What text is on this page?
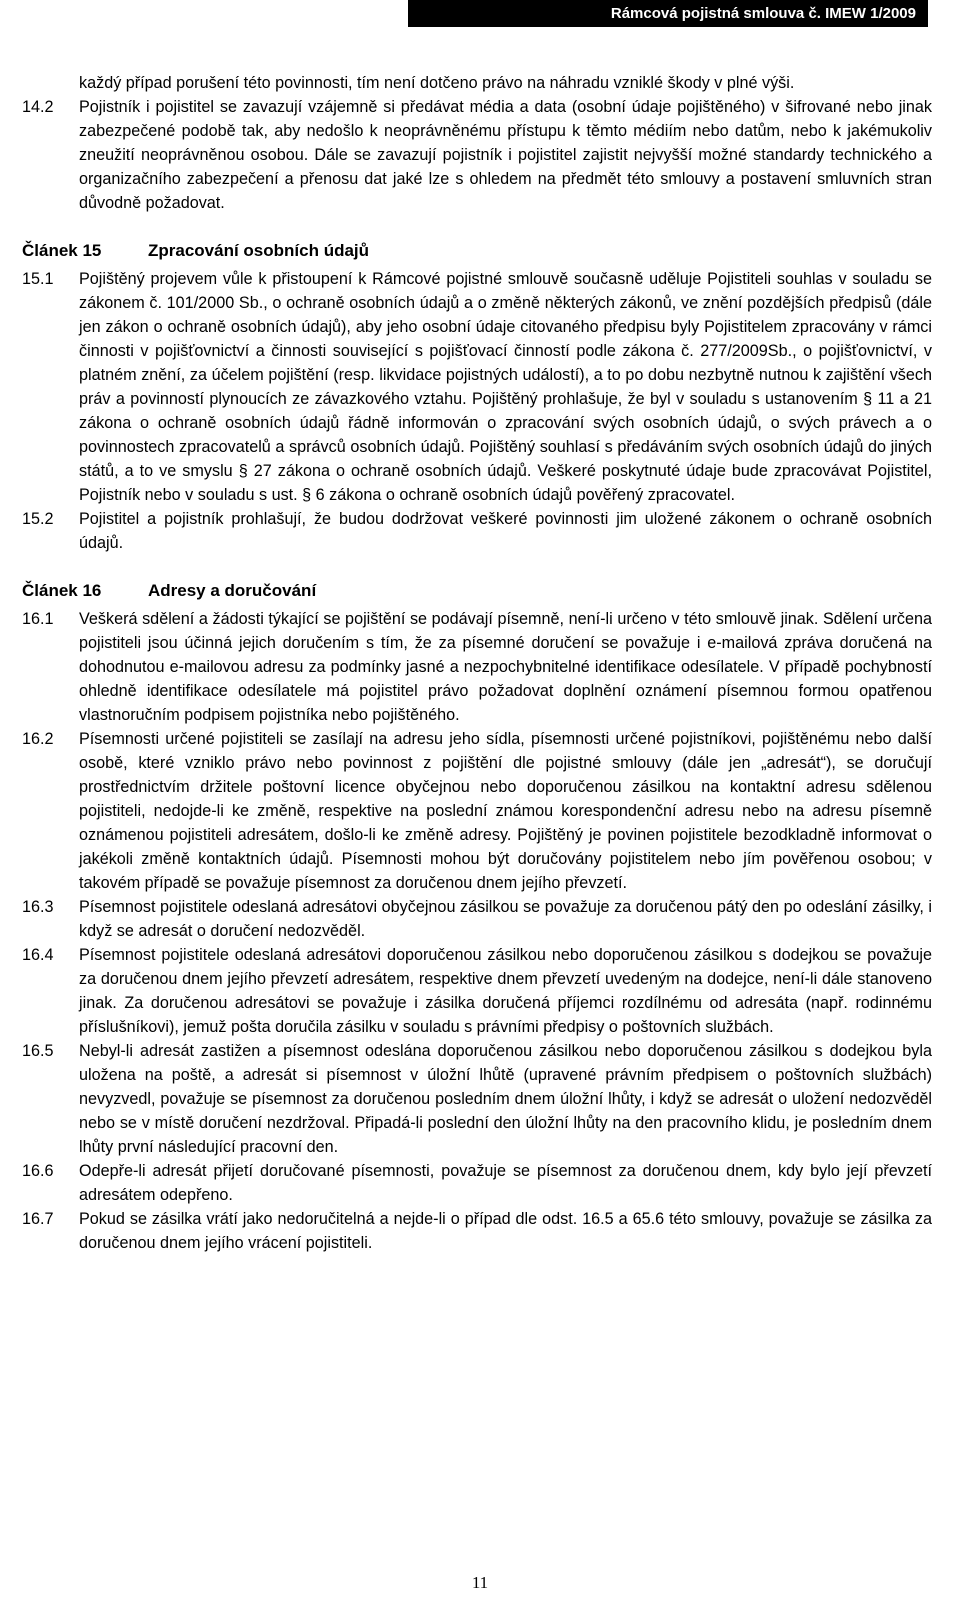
Rámcová pojistná smlouva č. IMEW 1/2009
každý případ porušení této povinnosti, tím není dotčeno právo na náhradu vzniklé škody v plné výši.
14.2 Pojistník i pojistitel se zavazují vzájemně si předávat média a data (osobní údaje pojištěného) v šifrované nebo jinak zabezpečené podobě tak, aby nedošlo k neoprávněnému přístupu k těmto médiím nebo datům, nebo k jakémukoliv zneužití neoprávněnou osobou. Dále se zavazují pojistník i pojistitel zajistit nejvyšší možné standardy technického a organizačního zabezpečení a přenosu dat jaké lze s ohledem na předmět této smlouvy a postavení smluvních stran důvodně požadovat.
Článek 15	Zpracování osobních údajů
15.1 Pojištěný projevem vůle k přistoupení k Rámcové pojistné smlouvě současně uděluje Pojistiteli souhlas v souladu se zákonem č. 101/2000 Sb., o ochraně osobních údajů a o změně některých zákonů, ve znění pozdějších předpisů (dále jen zákon o ochraně osobních údajů), aby jeho osobní údaje citovaného předpisu byly Pojistitelem zpracovány v rámci činnosti v pojišťovnictví a činnosti související s pojišťovací činností podle zákona č. 277/2009Sb., o pojišťovnictví, v platném znění, za účelem pojištění (resp. likvidace pojistných událostí), a to po dobu nezbytně nutnou k zajištění všech práv a povinností plynoucích ze závazkového vztahu. Pojištěný prohlašuje, že byl v souladu s ustanovením § 11 a 21 zákona o ochraně osobních údajů řádně informován o zpracování svých osobních údajů, o svých právech a o povinnostech zpracovatelů a správců osobních údajů. Pojištěný souhlasí s předáváním svých osobních údajů do jiných států, a to ve smyslu § 27 zákona o ochraně osobních údajů. Veškeré poskytnuté údaje bude zpracovávat Pojistitel, Pojistník nebo v souladu s ust. § 6 zákona o ochraně osobních údajů pověřený zpracovatel.
15.2 Pojistitel a pojistník prohlašují, že budou dodržovat veškeré povinnosti jim uložené zákonem o ochraně osobních údajů.
Článek 16	Adresy a doručování
16.1 Veškerá sdělení a žádosti týkající se pojištění se podávají písemně, není-li určeno v této smlouvě jinak. Sdělení určena pojistiteli jsou účinná jejich doručením s tím, že za písemné doručení se považuje i e-mailová zpráva doručená na dohodnutou e-mailovou adresu za podmínky jasné a nezpochybnitelné identifikace odesílatele. V případě pochybností ohledně identifikace odesílatele má pojistitel právo požadovat doplnění oznámení písemnou formou opatřenou vlastnoručním podpisem pojistníka nebo pojištěného.
16.2 Písemnosti určené pojistiteli se zasílají na adresu jeho sídla, písemnosti určené pojistníkovi, pojištěnému nebo další osobě, které vzniklo právo nebo povinnost z pojištění dle pojistné smlouvy (dále jen „adresát“), se doručují prostřednictvím držitele poštovní licence obyčejnou nebo doporučenou zásilkou na kontaktní adresu sdělenou pojistiteli, nedojde-li ke změně, respektive na poslední známou korespondenční adresu nebo na adresu písemně oznámenou pojistiteli adresátem, došlo-li ke změně adresy. Pojištěný je povinen pojistitele bezodkladně informovat o jakékoli změně kontaktních údajů. Písemnosti mohou být doručovány pojistitelem nebo jím pověřenou osobou; v takovém případě se považuje písemnost za doručenou dnem jejího převzetí.
16.3 Písemnost pojistitele odeslaná adresátovi obyčejnou zásilkou se považuje za doručenou pátý den po odeslání zásilky, i když se adresát o doručení nedozvěděl.
16.4 Písemnost pojistitele odeslaná adresátovi doporučenou zásilkou nebo doporučenou zásilkou s dodejkou se považuje za doručenou dnem jejího převzetí adresátem, respektive dnem převzetí uvedeným na dodejce, není-li dále stanoveno jinak. Za doručenou adresátovi se považuje i zásilka doručená příjemci rozdílnému od adresáta (např. rodinnému příslušníkovi), jemuž pošta doručila zásilku v souladu s právními předpisy o poštovních službách.
16.5 Nebyl-li adresát zastižen a písemnost odeslána doporučenou zásilkou nebo doporučenou zásilkou s dodejkou byla uložena na poště, a adresát si písemnost v úložní lhůtě (upravené právním předpisem o poštovních službách) nevyzvedl, považuje se písemnost za doručenou posledním dnem úložní lhůty, i když se adresát o uložení nedozvěděl nebo se v místě doručení nezdržoval. Připadá-li poslední den úložní lhůty na den pracovního klidu, je posledním dnem lhůty první následující pracovní den.
16.6 Odepře-li adresát přijetí doručované písemnosti, považuje se písemnost za doručenou dnem, kdy bylo její převzetí adresátem odepřeno.
16.7 Pokud se zásilka vrátí jako nedoručitelná a nejde-li o případ dle odst. 16.5 a 65.6 této smlouvy, považuje se zásilka za doručenou dnem jejího vrácení pojistiteli.
11
